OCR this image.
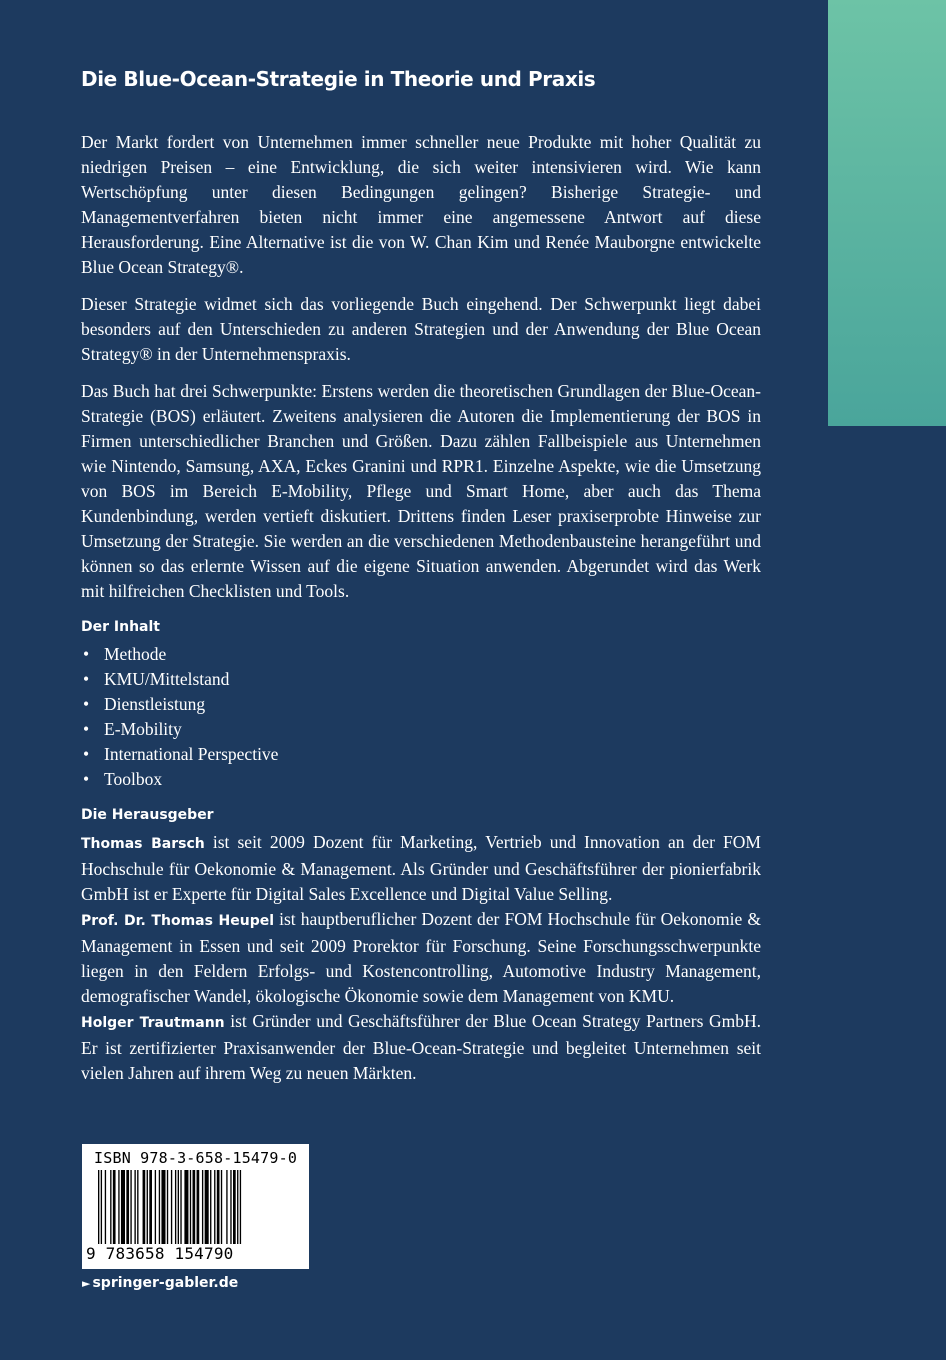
Die Blue-Ocean-Strategie in Theorie und Praxis

Der Markt fordert von Unternehmen immer schneller neue Produkte mit hoher Qualität zu niedrigen Preisen – eine Entwicklung, die sich weiter intensivieren wird. Wie kann Wertschöpfung unter diesen Bedingungen gelingen? Bisherige Strategie- und Managementverfahren bieten nicht immer eine angemessene Antwort auf diese Herausforderung. Eine Alternative ist die von W. Chan Kim und Renée Mauborgne entwickelte Blue Ocean Strategy®.

Dieser Strategie widmet sich das vorliegende Buch eingehend. Der Schwerpunkt liegt dabei besonders auf den Unterschieden zu anderen Strategien und der Anwendung der Blue Ocean Strategy® in der Unternehmenspraxis.

Das Buch hat drei Schwerpunkte: Erstens werden die theoretischen Grundlagen der Blue-Ocean-Strategie (BOS) erläutert. Zweitens analysieren die Autoren die Implementierung der BOS in Firmen unterschiedlicher Branchen und Größen. Dazu zählen Fallbeispiele aus Unternehmen wie Nintendo, Samsung, AXA, Eckes Granini und RPR1. Einzelne Aspekte, wie die Umsetzung von BOS im Bereich E-Mobility, Pflege und Smart Home, aber auch das Thema Kundenbindung, werden vertieft diskutiert. Drittens finden Leser praxiserprobte Hinweise zur Umsetzung der Strategie. Sie werden an die verschiedenen Methodenbausteine herangeführt und können so das erlernte Wissen auf die eigene Situation anwenden. Abgerundet wird das Werk mit hilfreichen Checklisten und Tools.

Der Inhalt
• Methode
• KMU/Mittelstand
• Dienstleistung
• E-Mobility
• International Perspective
• Toolbox
Die Herausgeber

Thomas Barsch ist seit 2009 Dozent für Marketing, Vertrieb und Innovation an der FOM Hochschule für Oekonomie & Management. Als Gründer und Geschäftsführer der pionierfabrik GmbH ist er Experte für Digital Sales Excellence und Digital Value Selling.

Prof. Dr. Thomas Heupel ist hauptberuflicher Dozent der FOM Hochschule für Oekonomie & Management in Essen und seit 2009 Prorektor für Forschung. Seine Forschungsschwerpunkte liegen in den Feldern Erfolgs- und Kostencontrolling, Automotive Industry Management, demografischer Wandel, ökologische Ökonomie sowie dem Management von KMU.

Holger Trautmann ist Gründer und Geschäftsführer der Blue Ocean Strategy Partners GmbH. Er ist zertifizierter Praxisanwender der Blue-Ocean-Strategie und begleitet Unternehmen seit vielen Jahren auf ihrem Weg zu neuen Märkten.

ISBN 978-3-658-15479-0
9 783658 154790
► springer-gabler.de
